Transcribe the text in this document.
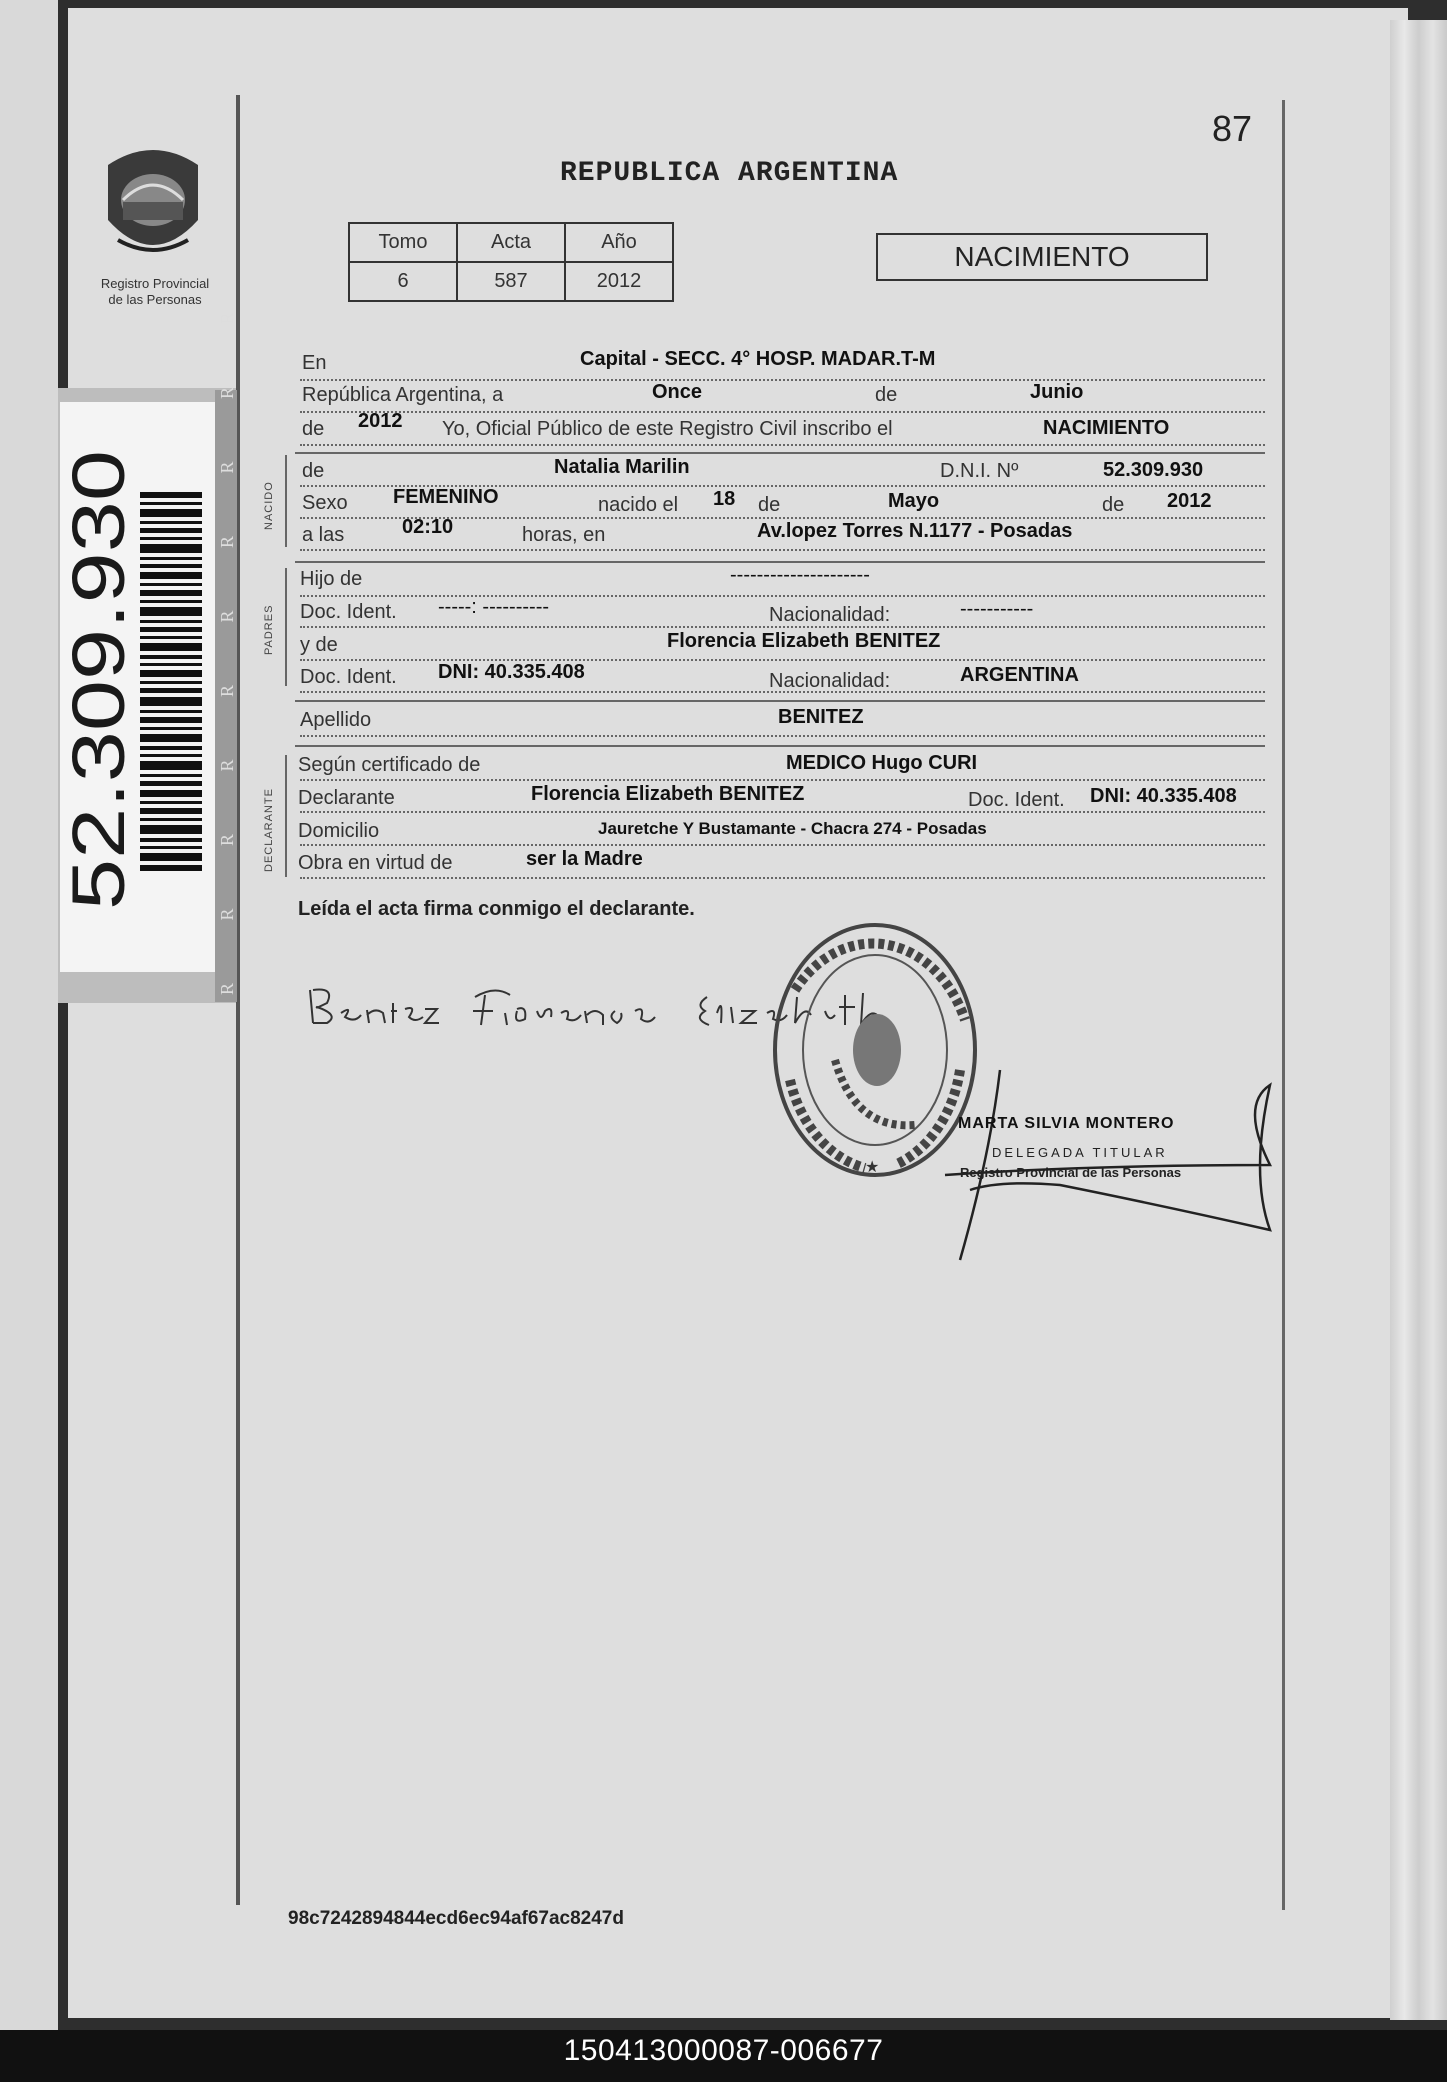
Registro Provincial
de las Personas R R R R R R R R R R
52.309.930
87
REPUBLICA ARGENTINA
Tomo	Acta	Año
6	587	2012
NACIMIENTO
NACIDO
PADRES
DECLARANTE
En	Capital - SECC. 4° HOSP. MADAR.T-M
República Argentina, a	Once	de	Junio
de 2012 Yo, Oficial Público de este Registro Civil inscribo el	NACIMIENTO
de	Natalia Marilin	D.N.I. Nº	52.309.930
Sexo FEMENINO	nacido el 18 de	Mayo	de 2012
a las	02:10	horas, en	Av.lopez Torres N.1177 - Posadas
Hijo de	---------------------
Doc. Ident. -----: ----------	Nacionalidad:	-----------
y de	Florencia Elizabeth BENITEZ
Doc. Ident. DNI: 40.335.408	Nacionalidad:	ARGENTINA
Apellido	BENITEZ
Según certificado de	MEDICO Hugo CURI
Declarante	Florencia Elizabeth BENITEZ	Doc. Ident. DNI: 40.335.408
Domicilio	Jauretche Y Bustamante - Chacra 274 - Posadas
Obra en virtud de	ser la Madre
Leída el acta firma conmigo el declarante.
★
MARTA SILVIA MONTERO
DELEGADA TITULAR
Registro Provincial de las Personas
98c7242894844ecd6ec94af67ac8247d
150413000087-006677
